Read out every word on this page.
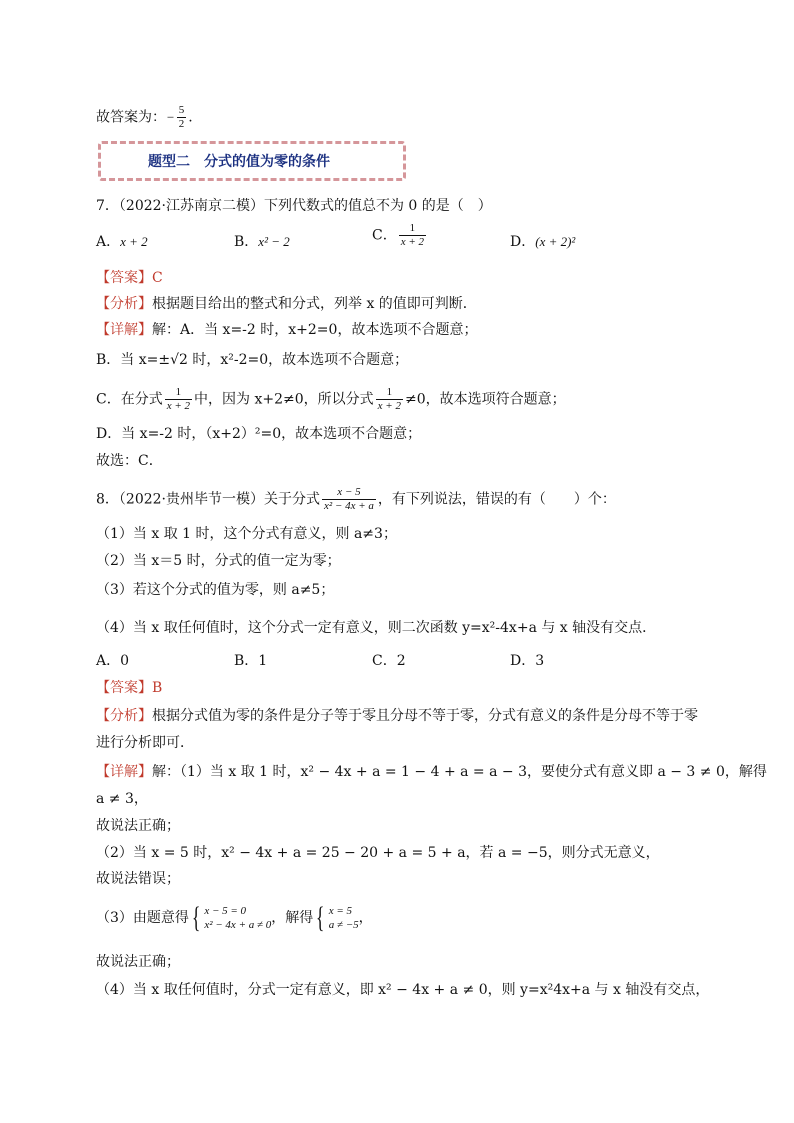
故答案为：− $\frac{5}{2}$ .
题型二 分式的值为零的条件
7．（2022·江苏南京二模）下列代数式的值总不为 0 的是（　）
A．x + 2	B．x² − 2	C． $\frac{1}{x + 2}$	D．(x + 2)²
【答案】C
【分析】根据题目给出的整式和分式，列举 x 的值即可判断．
【详解】解：A．当 x=-2 时，x+2=0，故本选项不合题意；
B．当 x=±√2 时，x²-2=0，故本选项不合题意；
C．在分式 $\frac{1}{x + 2}$ 中，因为 x+2≠0，所以分式 $\frac{1}{x + 2} \ne 0$，故本选项符合题意；
D．当 x=-2 时，（x+2）²=0，故本选项不合题意；
故选：C．
8．（2022·贵州毕节一模）关于分式 $\frac{x - 5}{\text{x² − 4x + a}}$ ，有下列说法，错误的有（　　）个：
（1）当 x 取 1 时，这个分式有意义，则 a≠3；
（2）当 x＝5 时，分式的值一定为零；
（3）若这个分式的值为零，则 a≠5；
（4）当 x 取任何值时，这个分式一定有意义，则二次函数 y=x²-4x+a 与 x 轴没有交点．
A．0	B．1	C．2	D．3
【答案】B
【分析】根据分式值为零的条件是分子等于零且分母不等于零，分式有意义的条件是分母不等于零
进行分析即可．
【详解】解：（1）当 x 取 1 时，x² − 4x + a = 1 − 4 + a = a − 3，要使分式有意义即 a − 3 ≠ 0，解得
a ≠ 3，
故说法正确；
（2）当 x = 5 时，x² − 4x + a = 25 − 20 + a = 5 + a，若 a = −5，则分式无意义，
故说法错误；
（3）由题意得 { x − 5 = 0
x² − 4x + a ≠ 0 ，解得 { x = 5
a ≠ −5 ，
故说法正确；
（4）当 x 取任何值时，分式一定有意义，即 x² − 4x + a ≠ 0，则 y=x²4x+a 与 x 轴没有交点，
